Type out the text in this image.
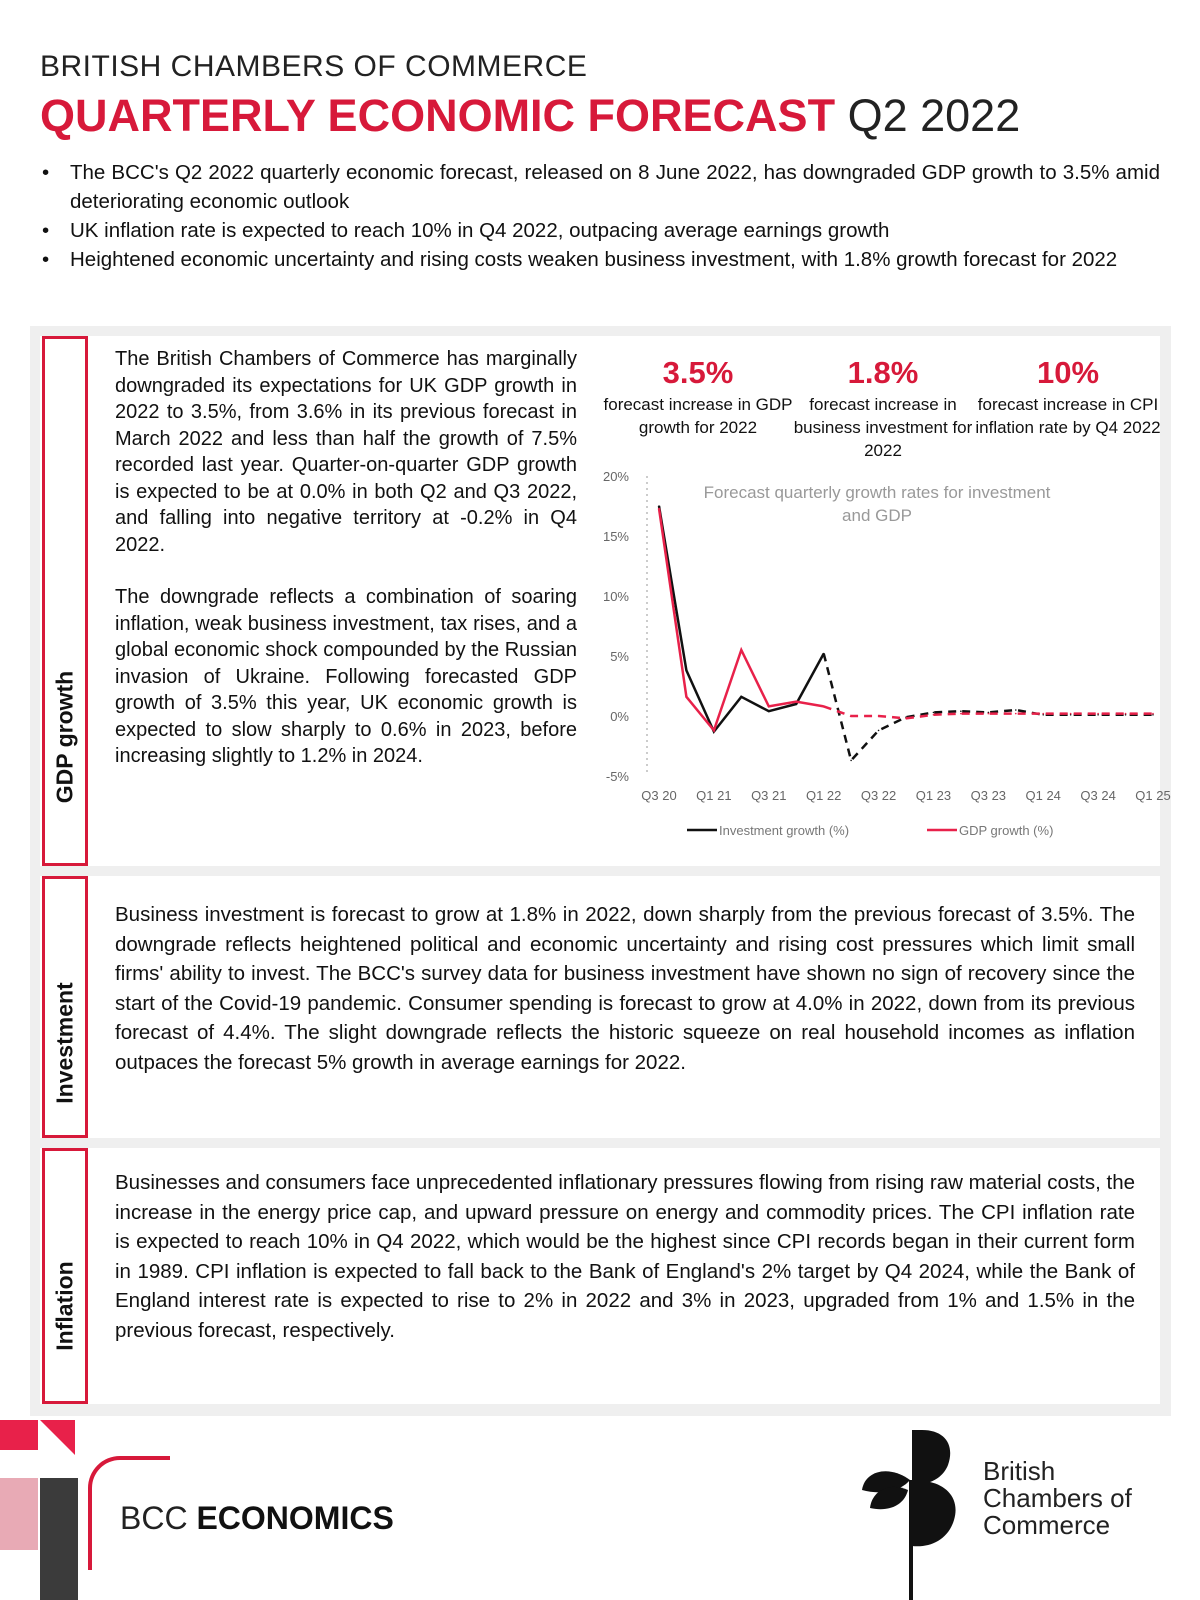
BRITISH CHAMBERS OF COMMERCE
QUARTERLY ECONOMIC FORECAST Q2 2022
• The BCC's Q2 2022 quarterly economic forecast, released on 8 June 2022, has downgraded GDP growth to 3.5% amid deteriorating economic outlook
• UK inflation rate is expected to reach 10% in Q4 2022, outpacing average earnings growth
• Heightened economic uncertainty and rising costs weaken business investment, with 1.8% growth forecast for 2022
GDP growth

The British Chambers of Commerce has marginally downgraded its expectations for UK GDP growth in 2022 to 3.5%, from 3.6% in its previous forecast in March 2022 and less than half the growth of 7.5% recorded last year. Quarter-on-quarter GDP growth is expected to be at 0.0% in both Q2 and Q3 2022, and falling into negative territory at -0.2% in Q4 2022.

The downgrade reflects a combination of soaring inflation, weak business investment, tax rises, and a global economic shock compounded by the Russian invasion of Ukraine. Following forecasted GDP growth of 3.5% this year, UK economic growth is expected to slow sharply to 0.6% in 2023, before increasing slightly to 1.2% in 2024.

3.5%
forecast increase in GDP growth for 2022
1.8%
forecast increase in business investment for 2022
10%
forecast increase in CPI inflation rate by Q4 2022
20%
15%
10%
5%
0%
-5%
Forecast quarterly growth rates for investment
and GDP
Q3 20 Q1 21 Q3 21 Q1 22 Q3 22 Q1 23 Q3 23 Q1 24 Q3 24 Q1 25
Investment growth (%)	GDP growth (%)
Investment

Business investment is forecast to grow at 1.8% in 2022, down sharply from the previous forecast of 3.5%. The downgrade reflects heightened political and economic uncertainty and rising cost pressures which limit small firms' ability to invest. The BCC's survey data for business investment have shown no sign of recovery since the start of the Covid-19 pandemic. Consumer spending is forecast to grow at 4.0% in 2022, down from its previous forecast of 4.4%. The slight downgrade reflects the historic squeeze on real household incomes as inflation outpaces the forecast 5% growth in average earnings for 2022.

Inflation

Businesses and consumers face unprecedented inflationary pressures flowing from rising raw material costs, the increase in the energy price cap, and upward pressure on energy and commodity prices. The CPI inflation rate is expected to reach 10% in Q4 2022, which would be the highest since CPI records began in their current form in 1989. CPI inflation is expected to fall back to the Bank of England's 2% target by Q4 2024, while the Bank of England interest rate is expected to rise to 2% in 2022 and 3% in 2023, upgraded from 1% and 1.5% in the previous forecast, respectively.

BCC ECONOMICS
British
Chambers of
Commerce
